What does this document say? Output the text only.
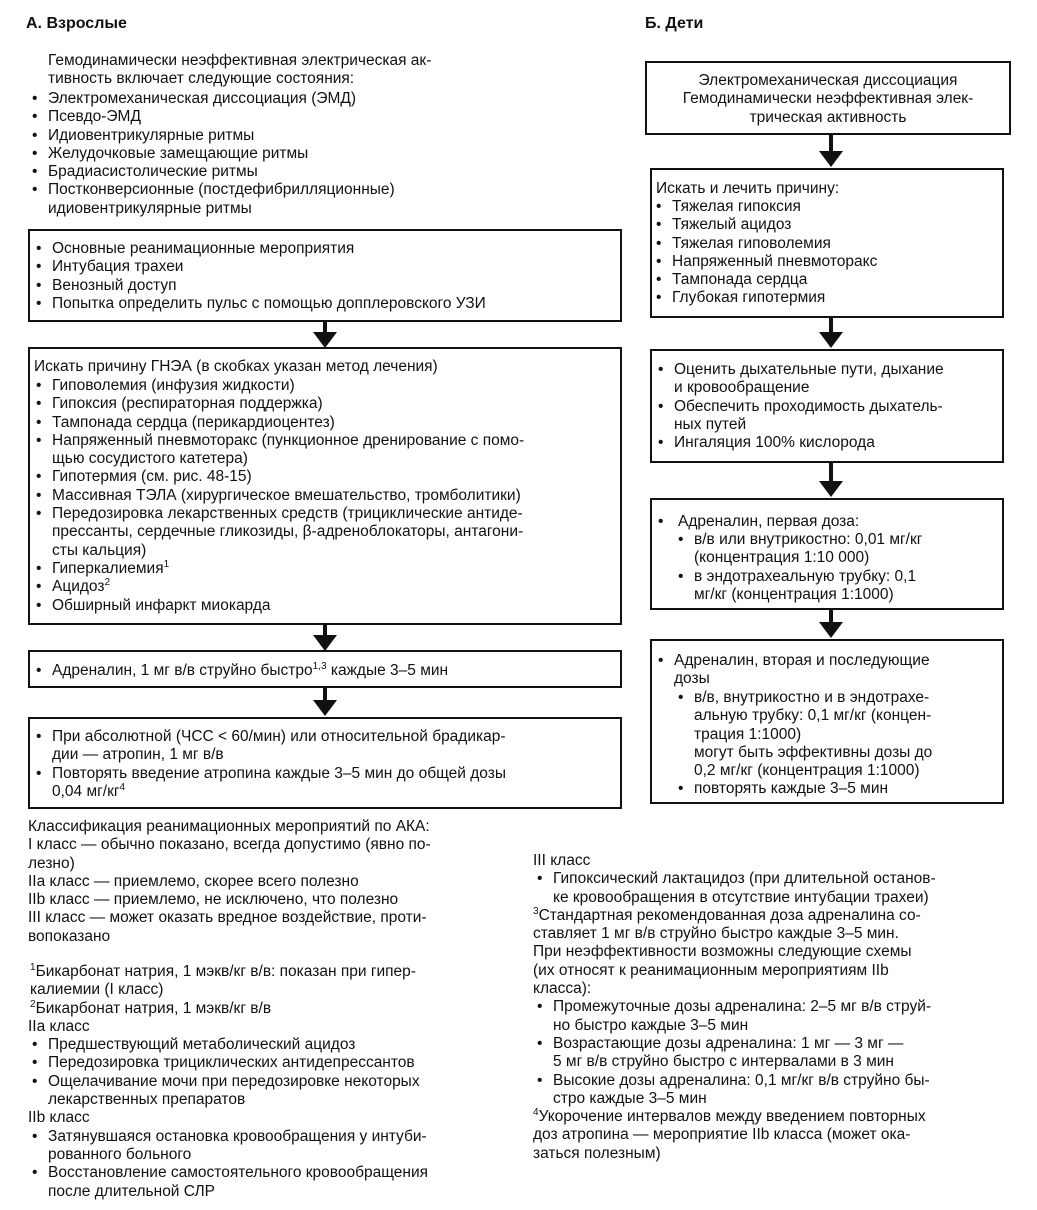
А. Взрослые
Гемодинамически неэффективная электрическая ак-
тивность включает следующие состояния:
• Электромеханическая диссоциация (ЭМД)
• Псевдо-ЭМД
• Идиовентрикулярные ритмы
• Желудочковые замещающие ритмы
• Брадиасистолические ритмы
• Постконверсионные (постдефибрилляционные)
идиовентрикулярные ритмы
• Основные реанимационные мероприятия
• Интубация трахеи
• Венозный доступ
• Попытка определить пульс с помощью допплеровского УЗИ
Искать причину ГНЭА (в скобках указан метод лечения)
• Гиповолемия (инфузия жидкости)
• Гипоксия (респираторная поддержка)
• Тампонада сердца (перикардиоцентез)
• Напряженный пневмоторакс (пункционное дренирование с помо-
щью сосудистого катетера)
• Гипотермия (см. рис. 48-15)
• Массивная ТЭЛА (хирургическое вмешательство, тромболитики)
• Передозировка лекарственных средств (трициклические антиде-
прессанты, сердечные гликозиды, β-адреноблокаторы, антагони-
сты кальция)
• Гиперкалиемия$^1$
• Ацидоз$^2$
• Обширный инфаркт миокарда
• Адреналин, 1 мг в/в струйно быстро$^{1,3}$ каждые 3–5 мин
• При абсолютной (ЧСС < 60/мин) или относительной брадикар-
дии — атропин, 1 мг в/в
• Повторять введение атропина каждые 3–5 мин до общей дозы
0,04 $мг/кг^4$
Классификация реанимационных мероприятий по АКА:
I класс — обычно показано, всегда допустимо (явно по-
лезно)
IIa класс — приемлемо, скорее всего полезно
IIb класс — приемлемо, не исключено, что полезно
III класс — может оказать вредное воздействие, проти-
вопоказано
$^1$Бикарбонат натрия, 1 мэкв/кг в/в: показан при гипер-
калиемии (I класс)
$^2$Бикарбонат натрия, 1 мэкв/кг в/в
IIa класс
• Предшествующий метаболический ацидоз
• Передозировка трициклических антидепрессантов
• Ощелачивание мочи при передозировке некоторых
лекарственных препаратов
IIb класс
• Затянувшаяся остановка кровообращения у интуби-
рованного больного
• Восстановление самостоятельного кровообращения
после длительной СЛР
Б. Дети
Электромеханическая диссоциация
Гемодинамически неэффективная элек-
трическая активность
Искать и лечить причину:
• Тяжелая гипоксия
• Тяжелый ацидоз
• Тяжелая гиповолемия
• Напряженный пневмоторакс
• Тампонада сердца
• Глубокая гипотермия
• Оценить дыхательные пути, дыхание
и кровообращение
• Обеспечить проходимость дыхатель-
ных путей
• Ингаляция 100% кислорода
• Адреналин, первая доза:
• в/в или внутрикостно: 0,01 мг/кг
(концентрация 1:10 000)
• в эндотрахеальную трубку: 0,1
мг/кг (концентрация 1:1000)
• Адреналин, вторая и последующие
дозы
• в/в, внутрикостно и в эндотрахе-
альную трубку: 0,1 мг/кг (концен-
трация 1:1000)
могут быть эффективны дозы до
0,2 мг/кг (концентрация 1:1000)
• повторять каждые 3–5 мин
III класс
• Гипоксический лактацидоз (при длительной останов-
ке кровообращения в отсутствие интубации трахеи)
$^3$Стандартная рекомендованная доза адреналина со-
ставляет 1 мг в/в струйно быстро каждые 3–5 мин.
При неэффективности возможны следующие схемы
(их относят к реанимационным мероприятиям IIb
класса):
• Промежуточные дозы адреналина: 2–5 мг в/в струй-
но быстро каждые 3–5 мин
• Возрастающие дозы адреналина: 1 мг — 3 мг —
5 мг в/в струйно быстро с интервалами в 3 мин
• Высокие дозы адреналина: 0,1 мг/кг в/в струйно бы-
стро каждые 3–5 мин
$^4$Укорочение интервалов между введением повторных
доз атропина — мероприятие IIb класса (может ока-
заться полезным)
